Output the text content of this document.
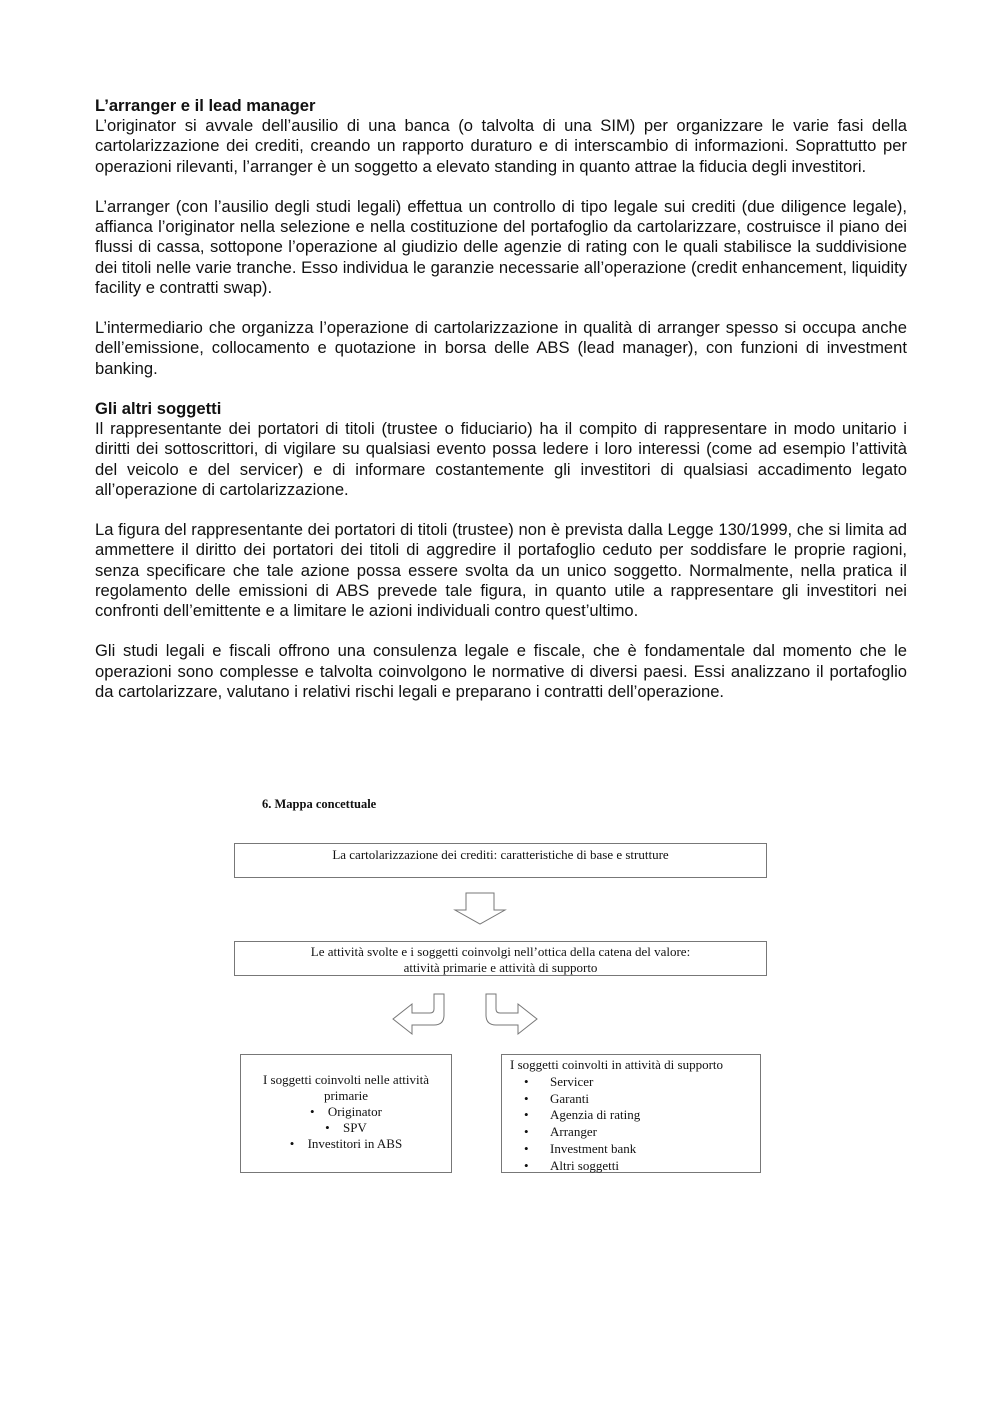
L’arranger e il lead manager

L’originator si avvale dell’ausilio di una banca (o talvolta di una SIM) per organizzare le varie fasi della cartolarizzazione dei crediti, creando un rapporto duraturo e di interscambio di informazioni. Soprattutto per operazioni rilevanti, l’arranger è un soggetto a elevato standing in quanto attrae la fiducia degli investitori.

L’arranger (con l’ausilio degli studi legali) effettua un controllo di tipo legale sui crediti (due diligence legale), affianca l’originator nella selezione e nella costituzione del portafoglio da cartolarizzare, costruisce il piano dei flussi di cassa, sottopone l’operazione al giudizio delle agenzie di rating con le quali stabilisce la suddivisione dei titoli nelle varie tranche. Esso individua le garanzie necessarie all’operazione (credit enhancement, liquidity facility e contratti swap).

L’intermediario che organizza l’operazione di cartolarizzazione in qualità di arranger spesso si occupa anche dell’emissione, collocamento e quotazione in borsa delle ABS (lead manager), con funzioni di investment banking.

Gli altri soggetti

Il rappresentante dei portatori di titoli (trustee o fiduciario) ha il compito di rappresentare in modo unitario i diritti dei sottoscrittori, di vigilare su qualsiasi evento possa ledere i loro interessi (come ad esempio l’attività del veicolo e del servicer) e di informare costantemente gli investitori di qualsiasi accadimento legato all’operazione di cartolarizzazione.

La figura del rappresentante dei portatori di titoli (trustee) non è prevista dalla Legge 130/1999, che si limita ad ammettere il diritto dei portatori dei titoli di aggredire il portafoglio ceduto per soddisfare le proprie ragioni, senza specificare che tale azione possa essere svolta da un unico soggetto. Normalmente, nella pratica il regolamento delle emissioni di ABS prevede tale figura, in quanto utile a rappresentare gli investitori nei confronti dell’emittente e a limitare le azioni individuali contro quest’ultimo.

Gli studi legali e fiscali offrono una consulenza legale e fiscale, che è fondamentale dal momento che le operazioni sono complesse e talvolta coinvolgono le normative di diversi paesi. Essi analizzano il portafoglio da cartolarizzare, valutano i relativi rischi legali e preparano i contratti dell’operazione.

6. Mappa concettuale
La cartolarizzazione dei crediti: caratteristiche di base e strutture
Le attività svolte e i soggetti coinvolgi nell’ottica della catena del valore:
attività primarie e attività di supporto
I soggetti coinvolti nelle attività
primarie
• Originator
• SPV
• Investitori in ABS
I soggetti coinvolti in attività di supporto
• Servicer
• Garanti
• Agenzia di rating
• Arranger
• Investment bank
• Altri soggetti
